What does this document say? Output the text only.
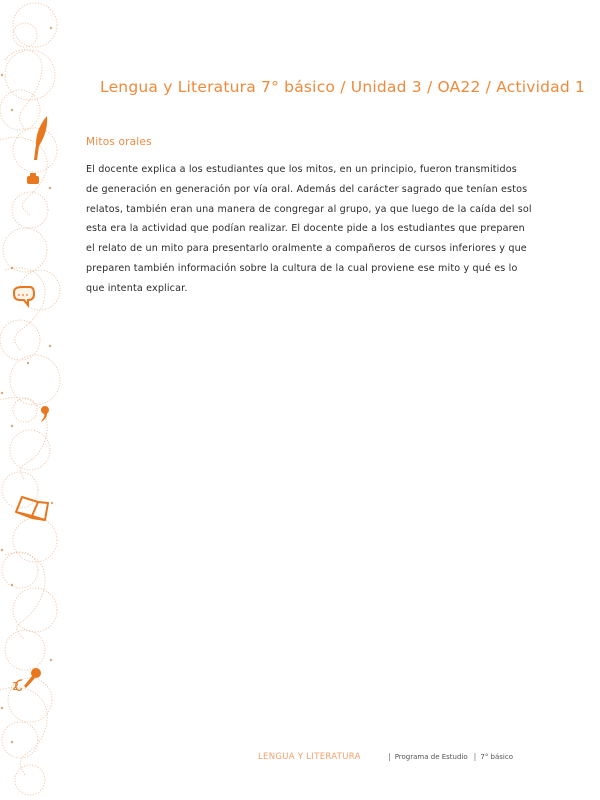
2
Lengua y Literatura 7° básico / Unidad 3 / OA22 / Actividad 1
Mitos orales
El docente explica a los estudiantes que los mitos, en un principio, fueron transmitidos
de generación en generación por vía oral. Además del carácter sagrado que tenían estos
relatos, también eran una manera de congregar al grupo, ya que luego de la caída del sol
esta era la actividad que podían realizar. El docente pide a los estudiantes que preparen
el relato de un mito para presentarlo oralmente a compañeros de cursos inferiores y que
preparen también información sobre la cultura de la cual proviene ese mito y qué es lo
que intenta explicar.
LENGUA Y LITERATURA	| Programa de Estudio | 7° básico
